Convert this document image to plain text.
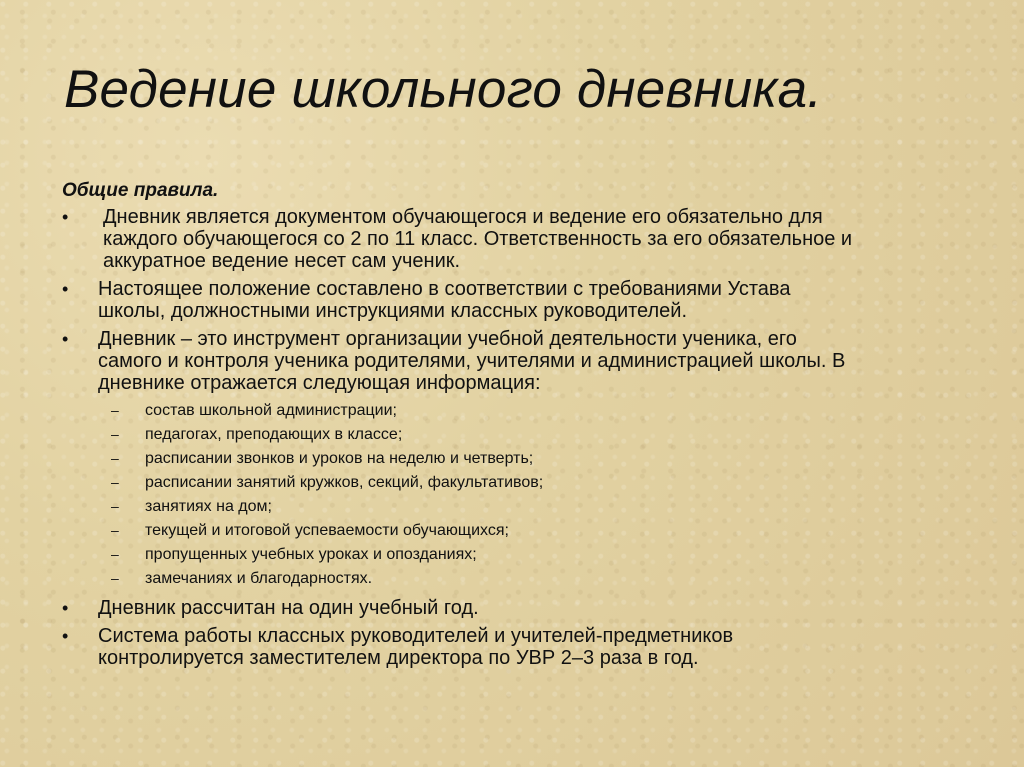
Ведение школьного дневника.
Общие правила.
•	Дневник является документом обучающегося и ведение его обязательно для
каждого обучающегося со 2 по 11 класс. Ответственность за его обязательное и
аккуратное ведение несет сам ученик.
•	Настоящее положение составлено в соответствии с требованиями Устава
школы, должностными инструкциями классных руководителей.
•	Дневник – это инструмент организации учебной деятельности ученика, его
самого и контроля ученика родителями, учителями и администрацией школы. В
дневнике отражается следующая информация:
–	состав школьной администрации;
–	педагогах, преподающих в классе;
–	расписании звонков и уроков на неделю и четверть;
–	расписании занятий кружков, секций, факультативов;
–	занятиях на дом;
–	текущей и итоговой успеваемости обучающихся;
–	пропущенных учебных уроках и опозданиях;
–	замечаниях и благодарностях.
•	Дневник рассчитан на один учебный год.
•	Система работы классных руководителей и учителей-предметников
контролируется заместителем директора по УВР 2–3 раза в год.
